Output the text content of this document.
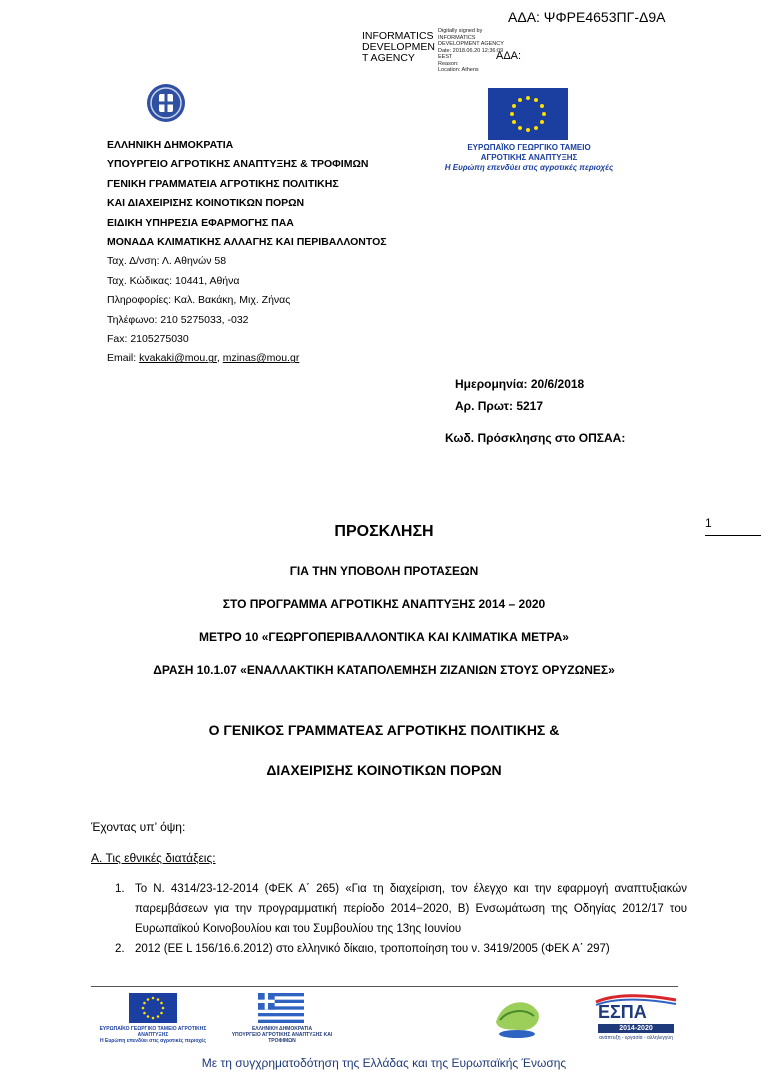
ΑΔΑ: ΨΦΡΕ4653ΠΓ-Δ9Α
INFORMATICS DEVELOPMEN T AGENCY
Digitally signed by
INFORMATICS
DEVELOPMENT AGENCY
Date: 2018.06.20 12:36:09
EEST
Reason:
Location: Athens
ΑΔΑ:
ΕΥΡΩΠΑΪΚΟ ΓΕΩΡΓΙΚΟ ΤΑΜΕΙΟ ΑΓΡΟΤΙΚΗΣ ΑΝΑΠΤΥΞΗΣ
Η Ευρώπη επενδύει στις αγροτικές περιοχές
ΕΛΛΗΝΙΚΗ ΔΗΜΟΚΡΑΤΙΑ
ΥΠΟΥΡΓΕΙΟ ΑΓΡΟΤΙΚΗΣ ΑΝΑΠΤΥΞΗΣ & ΤΡΟΦΙΜΩΝ
ΓΕΝΙΚΗ ΓΡΑΜΜΑΤΕΙΑ ΑΓΡΟΤΙΚΗΣ ΠΟΛΙΤΙΚΗΣ
ΚΑΙ ΔΙΑΧΕΙΡΙΣΗΣ ΚΟΙΝΟΤΙΚΩΝ ΠΟΡΩΝ
ΕΙΔΙΚΗ ΥΠΗΡΕΣΙΑ ΕΦΑΡΜΟΓΗΣ ΠΑΑ
ΜΟΝΑΔΑ ΚΛΙΜΑΤΙΚΗΣ ΑΛΛΑΓΗΣ ΚΑΙ ΠΕΡΙΒΑΛΛΟΝΤΟΣ
Ταχ. Δ/νση: Λ. Αθηνών 58
Ταχ. Κώδικας: 10441, Αθήνα
Πληροφορίες: Καλ. Βακάκη, Μιχ. Ζήνας
Τηλέφωνο: 210 5275033, -032
Fax: 2105275030
Email: kvakaki@mou.gr, mzinas@mou.gr
Ημερομηνία: 20/6/2018
Αρ. Πρωτ: 5217
Κωδ. Πρόσκλησης στο ΟΠΣΑΑ:
1
ΠΡΟΣΚΛΗΣΗ
ΓΙΑ ΤΗΝ ΥΠΟΒΟΛΗ ΠΡΟΤΑΣΕΩΝ
ΣΤΟ ΠΡΟΓΡΑΜΜΑ ΑΓΡΟΤΙΚΗΣ ΑΝΑΠΤΥΞΗΣ 2014 – 2020
ΜΕΤΡΟ 10 «ΓΕΩΡΓΟΠΕΡΙΒΑΛΛΟΝΤΙΚΑ ΚΑΙ ΚΛΙΜΑΤΙΚΑ ΜΕΤΡΑ»
ΔΡΑΣΗ 10.1.07 «ΕΝΑΛΛΑΚΤΙΚΗ ΚΑΤΑΠΟΛΕΜΗΣΗ ΖΙΖΑΝΙΩΝ ΣΤΟΥΣ ΟΡΥΖΩΝΕΣ»
Ο ΓΕΝΙΚΟΣ ΓΡΑΜΜΑΤΕΑΣ ΑΓΡΟΤΙΚΗΣ ΠΟΛΙΤΙΚΗΣ &
ΔΙΑΧΕΙΡΙΣΗΣ ΚΟΙΝΟΤΙΚΩΝ ΠΟΡΩΝ
Έχοντας υπ’ όψη:
Α. Τις εθνικές διατάξεις:
1. Το Ν. 4314/23-12-2014 (ΦΕΚ Α΄ 265) «Για τη διαχείριση, τον έλεγχο και την εφαρμογή αναπτυξιακών παρεμβάσεων για την προγραμματική περίοδο 2014−2020, Β) Ενσωμάτωση της Οδηγίας 2012/17 του Ευρωπαϊκού Κοινοβουλίου και του Συμβουλίου της 13ης Ιουνίου
2. 2012 (ΕΕ L 156/16.6.2012) στο ελληνικό δίκαιο, τροποποίηση του ν. 3419/2005 (ΦΕΚ Α΄ 297)
ΕΥΡΩΠΑΪΚΟ ΓΕΩΡΓΙΚΟ ΤΑΜΕΙΟ ΑΓΡΟΤΙΚΗΣ ΑΝΑΠΤΥΞΗΣ
Η Ευρώπη επενδύει στις αγροτικές περιοχές
ΕΛΛΗΝΙΚΗ ΔΗΜΟΚΡΑΤΙΑ
ΥΠΟΥΡΓΕΙΟ ΑΓΡΟΤΙΚΗΣ ΑΝΑΠΤΥΞΗΣ ΚΑΙ ΤΡΟΦΙΜΩΝ
ΕΣΠΑ
2014-2020
ανάπτυξη - εργασία - αλληλεγγύη
Με τη συγχρηματοδότηση της Ελλάδας και της Ευρωπαϊκής Ένωσης
